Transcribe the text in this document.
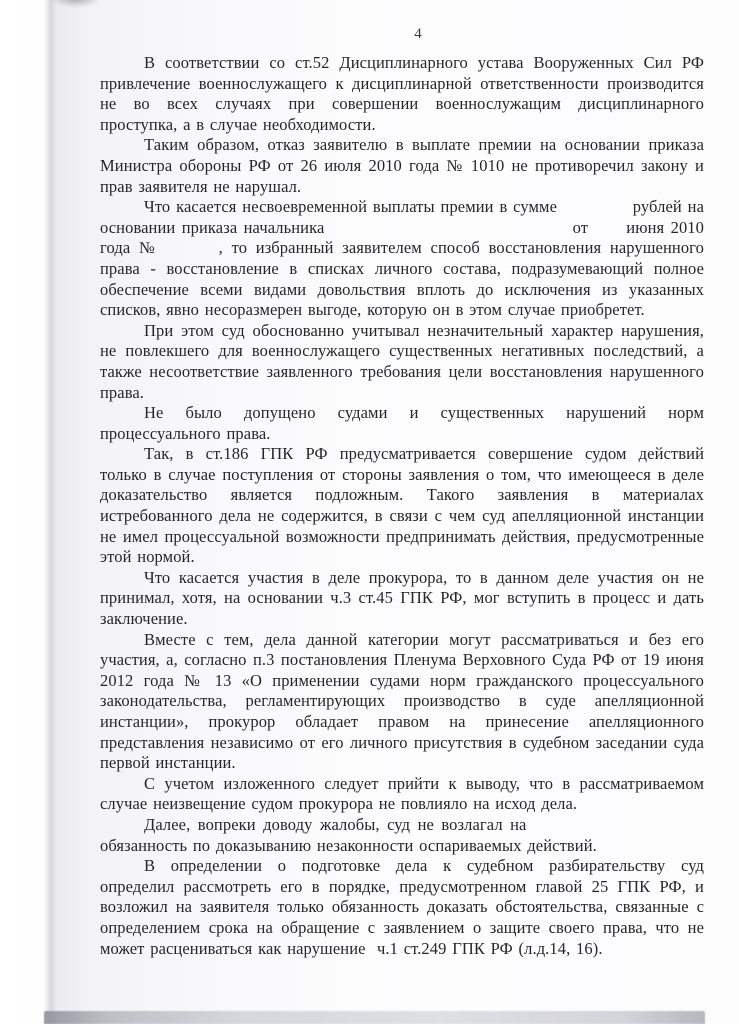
4

В соответствии со ст.52 Дисциплинарного устава Вооруженных Сил РФ привлечение военнослужащего к дисциплинарной ответственности производится не во всех случаях при совершении военнослужащим дисциплинарного проступка, а в случае необходимости.

Таким образом, отказ заявителю в выплате премии на основании приказа Министра обороны РФ от 26 июля 2010 года № 1010 не противоречил закону и прав заявителя не нарушал.

Что касается несвоевременной выплаты премии в сумме             рублей на основании приказа начальника                                       от      июня 2010 года №       , то избранный заявителем способ восстановления нарушенного права - восстановление в списках личного состава, подразумевающий полное обеспечение всеми видами довольствия вплоть до исключения из указанных списков, явно несоразмерен выгоде, которую он в этом случае приобретет.

При этом суд обоснованно учитывал незначительный характер нарушения, не повлекшего для военнослужащего существенных негативных последствий, а также несоответствие заявленного требования цели восстановления нарушенного права.

Не было допущено судами и существенных нарушений норм процессуального права.

Так, в ст.186 ГПК РФ предусматривается совершение судом действий только в случае поступления от стороны заявления о том, что имеющееся в деле доказательство является подложным. Такого заявления в материалах истребованного дела не содержится, в связи с чем суд апелляционной инстанции не имел процессуальной возможности предпринимать действия, предусмотренные этой нормой.

Что касается участия в деле прокурора, то в данном деле участия он не принимал, хотя, на основании ч.3 ст.45 ГПК РФ, мог вступить в процесс и дать заключение.

Вместе с тем, дела данной категории могут рассматриваться и без его участия, а, согласно п.3 постановления Пленума Верховного Суда РФ от 19 июня 2012 года № 13 «О применении судами норм гражданского процессуального законодательства, регламентирующих производство в суде апелляционной инстанции», прокурор обладает правом на принесение апелляционного представления независимо от его личного присутствия в судебном заседании суда первой инстанции.

С учетом изложенного следует прийти к выводу, что в рассматриваемом случае неизвещение судом прокурора не повлияло на исход дела.

Далее, вопреки доводу жалобы, суд не возлагал на                         обязанность по доказыванию незаконности оспариваемых действий.

В определении о подготовке дела к судебном разбирательству суд определил рассмотреть его в порядке, предусмотренном главой 25 ГПК РФ, и возложил на заявителя только обязанность доказать обстоятельства, связанные с определением срока на обращение с заявлением о защите своего права, что не может расцениваться как нарушение  ч.1 ст.249 ГПК РФ (л.д.14, 16).
